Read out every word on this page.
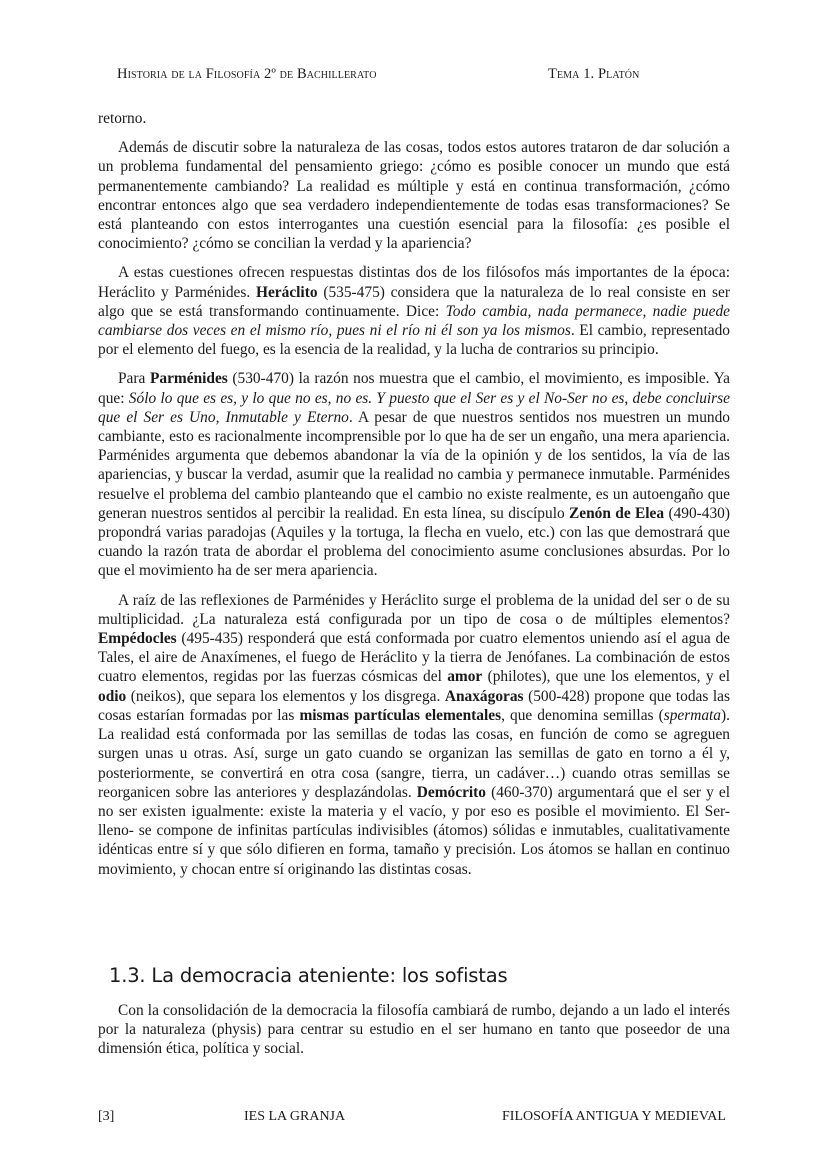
Historia de la Filosofía 2º de Bachillerato	Tema 1. Platón

retorno.

Además de discutir sobre la naturaleza de las cosas, todos estos autores trataron de dar solución a un problema fundamental del pensamiento griego: ¿cómo es posible conocer un mundo que está permanentemente cambiando? La realidad es múltiple y está en continua transformación, ¿cómo encontrar entonces algo que sea verdadero independientemente de todas esas transformaciones? Se está planteando con estos interrogantes una cuestión esencial para la filosofía: ¿es posible el conocimiento? ¿cómo se concilian la verdad y la apariencia?

A estas cuestiones ofrecen respuestas distintas dos de los filósofos más importantes de la época: Heráclito y Parménides. Heráclito (535-475) considera que la naturaleza de lo real consiste en ser algo que se está transformando continuamente. Dice: Todo cambia, nada permanece, nadie puede cambiarse dos veces en el mismo río, pues ni el río ni él son ya los mismos. El cambio, representado por el elemento del fuego, es la esencia de la realidad, y la lucha de contrarios su principio.

Para Parménides (530-470) la razón nos muestra que el cambio, el movimiento, es imposible. Ya que: Sólo lo que es es, y lo que no es, no es. Y puesto que el Ser es y el No-Ser no es, debe concluirse que el Ser es Uno, Inmutable y Eterno. A pesar de que nuestros sentidos nos muestren un mundo cambiante, esto es racionalmente incomprensible por lo que ha de ser un engaño, una mera apariencia. Parménides argumenta que debemos abandonar la vía de la opinión y de los sentidos, la vía de las apariencias, y buscar la verdad, asumir que la realidad no cambia y permanece inmutable. Parménides resuelve el problema del cambio planteando que el cambio no existe realmente, es un autoengaño que generan nuestros sentidos al percibir la realidad. En esta línea, su discípulo Zenón de Elea (490-430) propondrá varias paradojas (Aquiles y la tortuga, la flecha en vuelo, etc.) con las que demostrará que cuando la razón trata de abordar el problema del conocimiento asume conclusiones absurdas. Por lo que el movimiento ha de ser mera apariencia.

A raíz de las reflexiones de Parménides y Heráclito surge el problema de la unidad del ser o de su multiplicidad. ¿La naturaleza está configurada por un tipo de cosa o de múltiples elementos? Empédocles (495-435) responderá que está conformada por cuatro elementos uniendo así el agua de Tales, el aire de Anaxímenes, el fuego de Heráclito y la tierra de Jenófanes. La combinación de estos cuatro elementos, regidas por las fuerzas cósmicas del amor (philotes), que une los elementos, y el odio (neikos), que separa los elementos y los disgrega. Anaxágoras (500-428) propone que todas las cosas estarían formadas por las mismas partículas elementales, que denomina semillas (spermata). La realidad está conformada por las semillas de todas las cosas, en función de como se agreguen surgen unas u otras. Así, surge un gato cuando se organizan las semillas de gato en torno a él y, posteriormente, se convertirá en otra cosa (sangre, tierra, un cadáver…) cuando otras semillas se reorganicen sobre las anteriores y desplazándolas. Demócrito (460-370) argumentará que el ser y el no ser existen igualmente: existe la materia y el vacío, y por eso es posible el movimiento. El Ser-lleno- se compone de infinitas partículas indivisibles (átomos) sólidas e inmutables, cualitativamente idénticas entre sí y que sólo difieren en forma, tamaño y precisión. Los átomos se hallan en continuo movimiento, y chocan entre sí originando las distintas cosas.

1.3. La democracia ateniente: los sofistas

Con la consolidación de la democracia la filosofía cambiará de rumbo, dejando a un lado el interés por la naturaleza (physis) para centrar su estudio en el ser humano en tanto que poseedor de una dimensión ética, política y social.

[3]	IES LA GRANJA	FILOSOFÍA ANTIGUA Y MEDIEVAL
